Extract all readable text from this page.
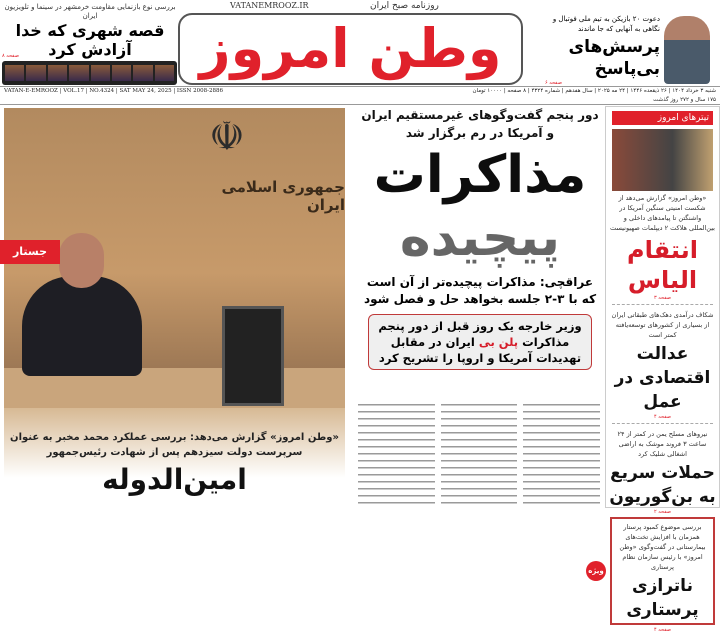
بررسی نوع بازنمایی مقاومت خرمشهر در سینما و تلویزیون ایران
قصه شهری که خدا آزادش کرد
صفحه ۸	وطن امروز
VATANEMROOZ.IR	روزنامه صبح ایران
دعوت ۲۰ بازیکن به تیم ملی فوتبال و نگاهی به آنهایی که جا ماندند
پرسش‌های بی‌پاسخ
صفحه ۶
VATAN-E-EMROOZ | VOL.17 | NO.4324 | SAT MAY 24, 2025 | ISSN 2008-2886	شنبه ۳ خرداد ۱۴۰۴ | ۲۶ ذیقعده ۱۴۴۶ | ۲۴ مه ۲۰۲۵ | سال هفدهم | شماره ۴۳۲۴ | ۸ صفحه | ۱۰۰۰۰ تومان
۱۷۵ سال و ۲۷۲ روز گذشت
☫
جمهوری اسلامی ایران
جستار
«وطن امروز» گزارش می‌دهد: بررسی عملکرد محمد مخبر به عنوان سرپرست دولت سیزدهم پس از شهادت رئیس‌جمهور
امین‌الدوله
دور پنجم گفت‌وگوهای غیرمستقیم ایران و آمریکا در رم برگزار شد
مذاکرات
پیچیده
عراقچی: مذاکرات پیچیده‌تر از آن است که با ۳-۲ جلسه بخواهد حل و فصل شود
وزیر خارجه یک روز قبل از دور پنجم مذاکرات پلن بی ایران در مقابل تهدیدات آمریکا و اروپا را تشریح کرد
تیترهای امروز
«وطن امروز» گزارش می‌دهد از شکست امنیتی سنگین آمریکا در واشنگتن تا پیامدهای داخلی و بین‌المللی هلاکت ۲ دیپلمات صهیونیست
انتقام الیاس
صفحه ۳
شکاف درآمدی دهک‌های طبقاتی ایران از بسیاری از کشورهای توسعه‌یافته کمتر است
عدالت اقتصادی در عمل
صفحه ۴
نیروهای مسلح یمن در کمتر از ۲۴ ساعت ۳ فروند موشک به اراضی اشغالی شلیک کرد
حملات سریع به بن‌گوریون
صفحه ۲
بررسی موضوع کمبود پرستار همزمان با افزایش تخت‌های بیمارستانی در گفت‌وگوی «وطن امروز» با رئیس سازمان نظام پرستاری
ناترازی پرستاری
ویژه
صفحه ۴
